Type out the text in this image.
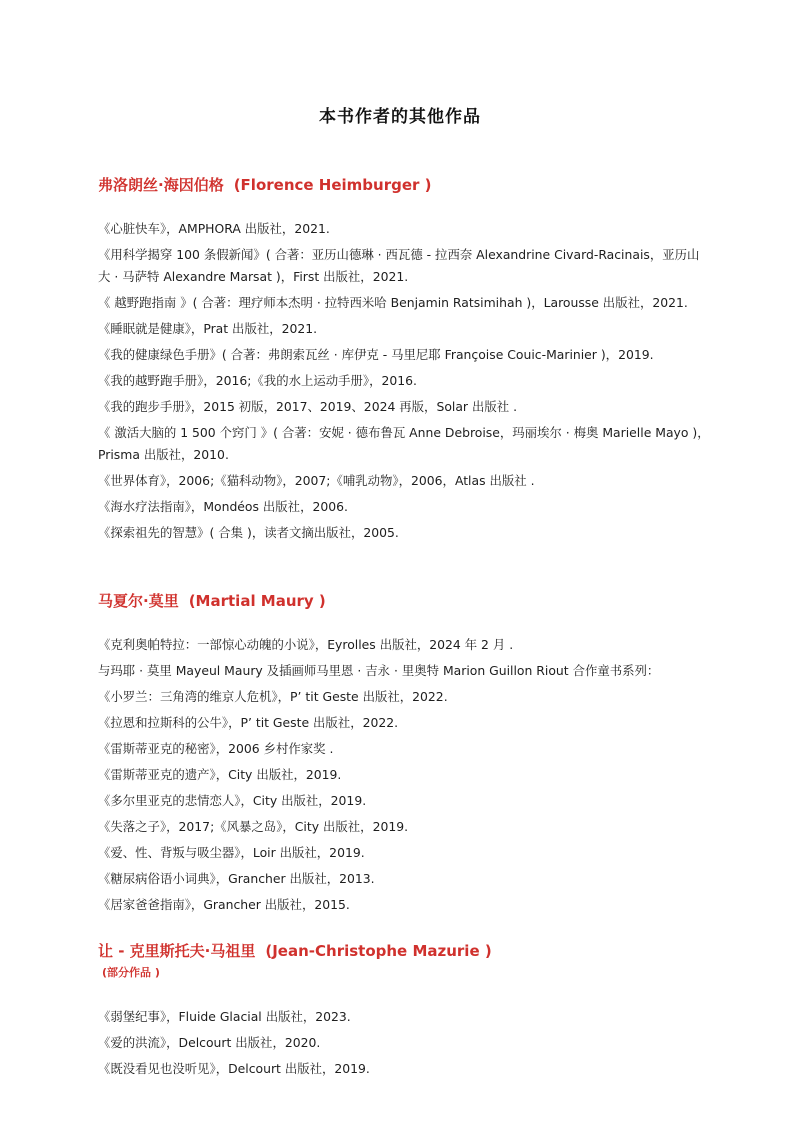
本书作者的其他作品
弗洛朗丝·海因伯格 (Florence Heimburger )
《心脏快车》，AMPHORA 出版社，2021.
《用科学揭穿 100 条假新闻》( 合著：亚历山德琳 · 西瓦德 - 拉西奈 Alexandrine Civard-Racinais，亚历山大 · 马萨特 Alexandre Marsat )，First 出版社，2021.
《 越野跑指南 》( 合著：理疗师本杰明 · 拉特西米哈 Benjamin Ratsimihah )，Larousse 出版社，2021.
《睡眠就是健康》，Prat 出版社，2021.
《我的健康绿色手册》( 合著：弗朗索瓦丝 · 库伊克 - 马里尼耶 Françoise Couic-Marinier )，2019.
《我的越野跑手册》，2016;《我的水上运动手册》，2016.
《我的跑步手册》，2015 初版，2017、2019、2024 再版，Solar 出版社 .
《 激活大脑的 1 500 个窍门 》( 合著：安妮 · 德布鲁瓦 Anne Debroise，玛丽埃尔 · 梅奥 Marielle Mayo )，Prisma 出版社，2010.
《世界体育》，2006;《猫科动物》，2007;《哺乳动物》，2006，Atlas 出版社 .
《海水疗法指南》，Mondéos 出版社，2006.
《探索祖先的智慧》( 合集 )，读者文摘出版社，2005.
马夏尔·莫里 (Martial Maury )
《克利奥帕特拉：一部惊心动魄的小说》，Eyrolles 出版社，2024 年 2 月 .
与玛耶 · 莫里 Mayeul Maury 及插画师马里恩 · 吉永 · 里奥特 Marion Guillon Riout 合作童书系列：
《小罗兰：三角湾的维京人危机》，P’ tit Geste 出版社，2022.
《拉恩和拉斯科的公牛》，P’ tit Geste 出版社，2022.
《雷斯蒂亚克的秘密》，2006 乡村作家奖 .
《雷斯蒂亚克的遗产》，City 出版社，2019.
《多尔里亚克的悲情恋人》，City 出版社，2019.
《失落之子》，2017;《风暴之岛》，City 出版社，2019.
《爱、性、背叛与吸尘器》，Loir 出版社，2019.
《糖尿病俗语小词典》，Grancher 出版社，2013.
《居家爸爸指南》，Grancher 出版社，2015.
让 - 克里斯托夫·马祖里 (Jean-Christophe Mazurie )
(部分作品 )
《弱堡纪事》，Fluide Glacial 出版社，2023.
《爱的洪流》，Delcourt 出版社，2020.
《既没看见也没听见》，Delcourt 出版社，2019.
